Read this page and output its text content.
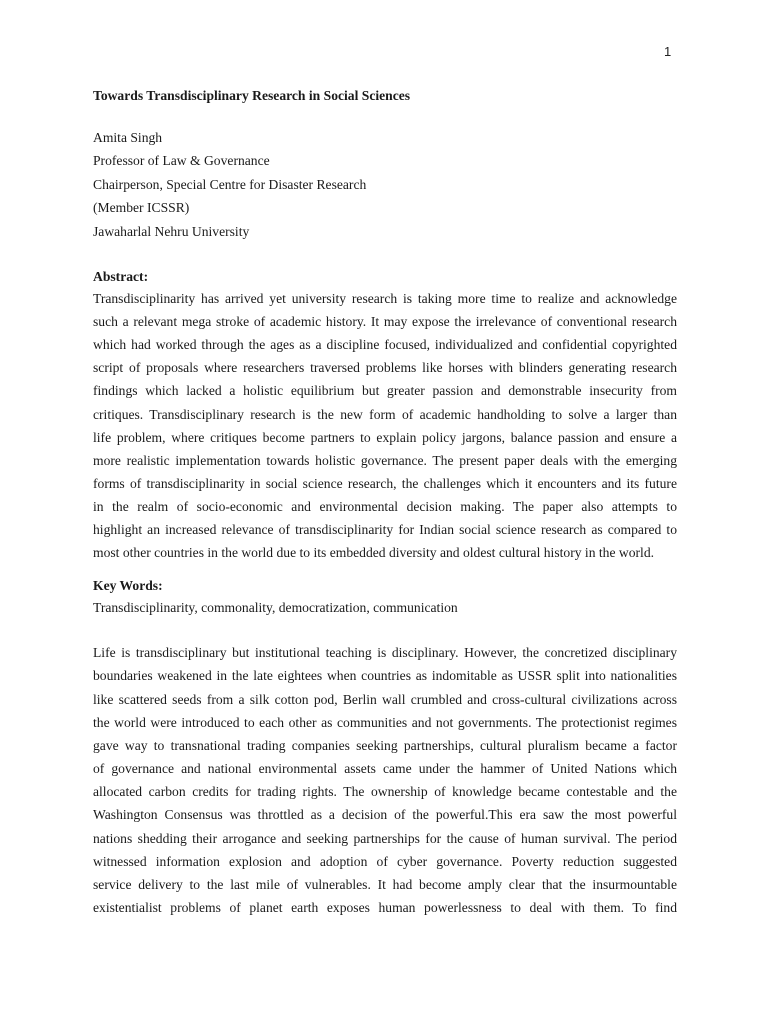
1

Towards Transdisciplinary Research in Social Sciences

Amita Singh
Professor of Law & Governance
Chairperson, Special Centre for Disaster Research
(Member ICSSR)
Jawaharlal Nehru University

Abstract:

Transdisciplinarity has arrived yet university research is taking more time to realize and acknowledge
such a relevant mega stroke of academic history. It may expose the irrelevance of conventional research
which had worked through the ages as a discipline focused, individualized and confidential copyrighted
script of proposals where researchers traversed problems like horses with blinders generating research
findings which lacked a holistic equilibrium but greater passion and demonstrable insecurity from
critiques. Transdisciplinary research is the new form of academic handholding to solve a larger than
life problem, where critiques become partners to explain policy jargons, balance passion and ensure a
more realistic implementation towards holistic governance. The present paper deals with the emerging
forms of transdisciplinarity in social science research, the challenges which it encounters and its future
in the realm of socio-economic and environmental decision making. The paper also attempts to
highlight an increased relevance of transdisciplinarity for Indian social science research as compared to
most other countries in the world due to its embedded diversity and oldest cultural history in the world.

Key Words:

Transdisciplinarity, commonality, democratization, communication
Life is transdisciplinary but institutional teaching is disciplinary. However, the concretized disciplinary
boundaries weakened in the late eightees when countries as indomitable as USSR split into nationalities
like scattered seeds from a silk cotton pod, Berlin wall crumbled and cross-cultural civilizations across
the world were introduced to each other as communities and not governments. The protectionist regimes
gave way to transnational trading companies seeking partnerships, cultural pluralism became a factor
of governance and national environmental assets came under the hammer of United Nations which
allocated carbon credits for trading rights. The ownership of knowledge became contestable and the
Washington Consensus was throttled as a decision of the powerful.This era saw the most powerful
nations shedding their arrogance and seeking partnerships for the cause of human survival. The period
witnessed information explosion and adoption of cyber governance. Poverty reduction suggested
service delivery to the last mile of vulnerables. It had become amply clear that the insurmountable
existentialist problems of planet earth exposes human powerlessness to deal with them. To find
